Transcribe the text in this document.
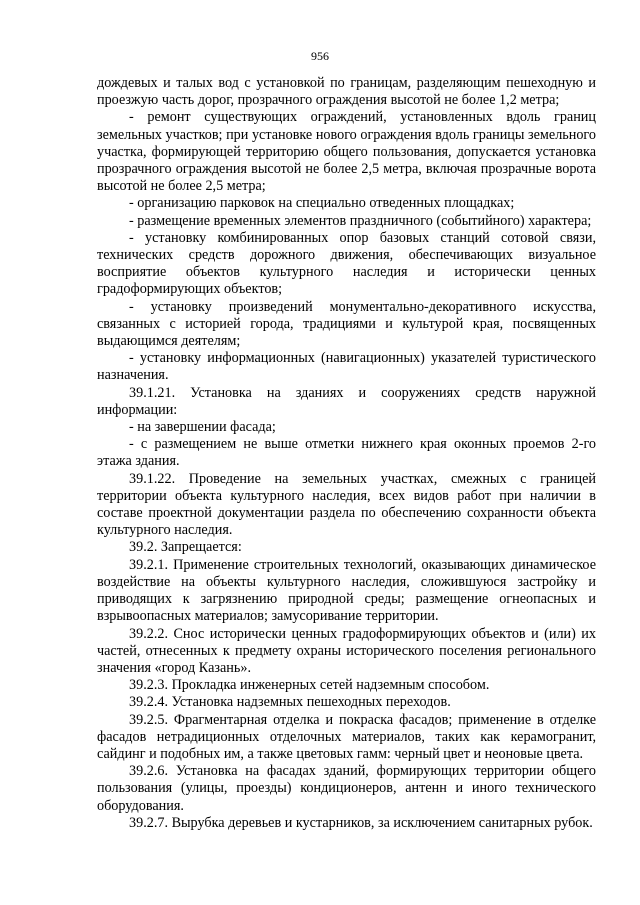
956

дождевых и талых вод с установкой по границам, разделяющим пешеходную и проезжую часть дорог, прозрачного ограждения высотой не более 1,2 метра;

- ремонт существующих ограждений, установленных вдоль границ земельных участков; при установке нового ограждения вдоль границы земельного участка, формирующей территорию общего пользования, допускается установка прозрачного ограждения высотой не более 2,5 метра, включая прозрачные ворота высотой не более 2,5 метра;

- организацию парковок на специально отведенных площадках;

- размещение временных элементов праздничного (событийного) характера;

- установку комбинированных опор базовых станций сотовой связи, технических средств дорожного движения, обеспечивающих визуальное восприятие объектов культурного наследия и исторически ценных градоформирующих объектов;

- установку произведений монументально-декоративного искусства, связанных с историей города, традициями и культурой края, посвященных выдающимся деятелям;

- установку информационных (навигационных) указателей туристического назначения.

39.1.21. Установка на зданиях и сооружениях средств наружной информации:

- на завершении фасада;

- с размещением не выше отметки нижнего края оконных проемов 2-го этажа здания.

39.1.22. Проведение на земельных участках, смежных с границей территории объекта культурного наследия, всех видов работ при наличии в составе проектной документации раздела по обеспечению сохранности объекта культурного наследия.

39.2. Запрещается:

39.2.1. Применение строительных технологий, оказывающих динамическое воздействие на объекты культурного наследия, сложившуюся застройку и приводящих к загрязнению природной среды; размещение огнеопасных и взрывоопасных материалов; замусоривание территории.

39.2.2. Снос исторически ценных градоформирующих объектов и (или) их частей, отнесенных к предмету охраны исторического поселения регионального значения «город Казань».

39.2.3. Прокладка инженерных сетей надземным способом.

39.2.4. Установка надземных пешеходных переходов.

39.2.5. Фрагментарная отделка и покраска фасадов; применение в отделке фасадов нетрадиционных отделочных материалов, таких как керамогранит, сайдинг и подобных им, а также цветовых гамм: черный цвет и неоновые цвета.

39.2.6. Установка на фасадах зданий, формирующих территории общего пользования (улицы, проезды) кондиционеров, антенн и иного технического оборудования.

39.2.7. Вырубка деревьев и кустарников, за исключением санитарных рубок.
